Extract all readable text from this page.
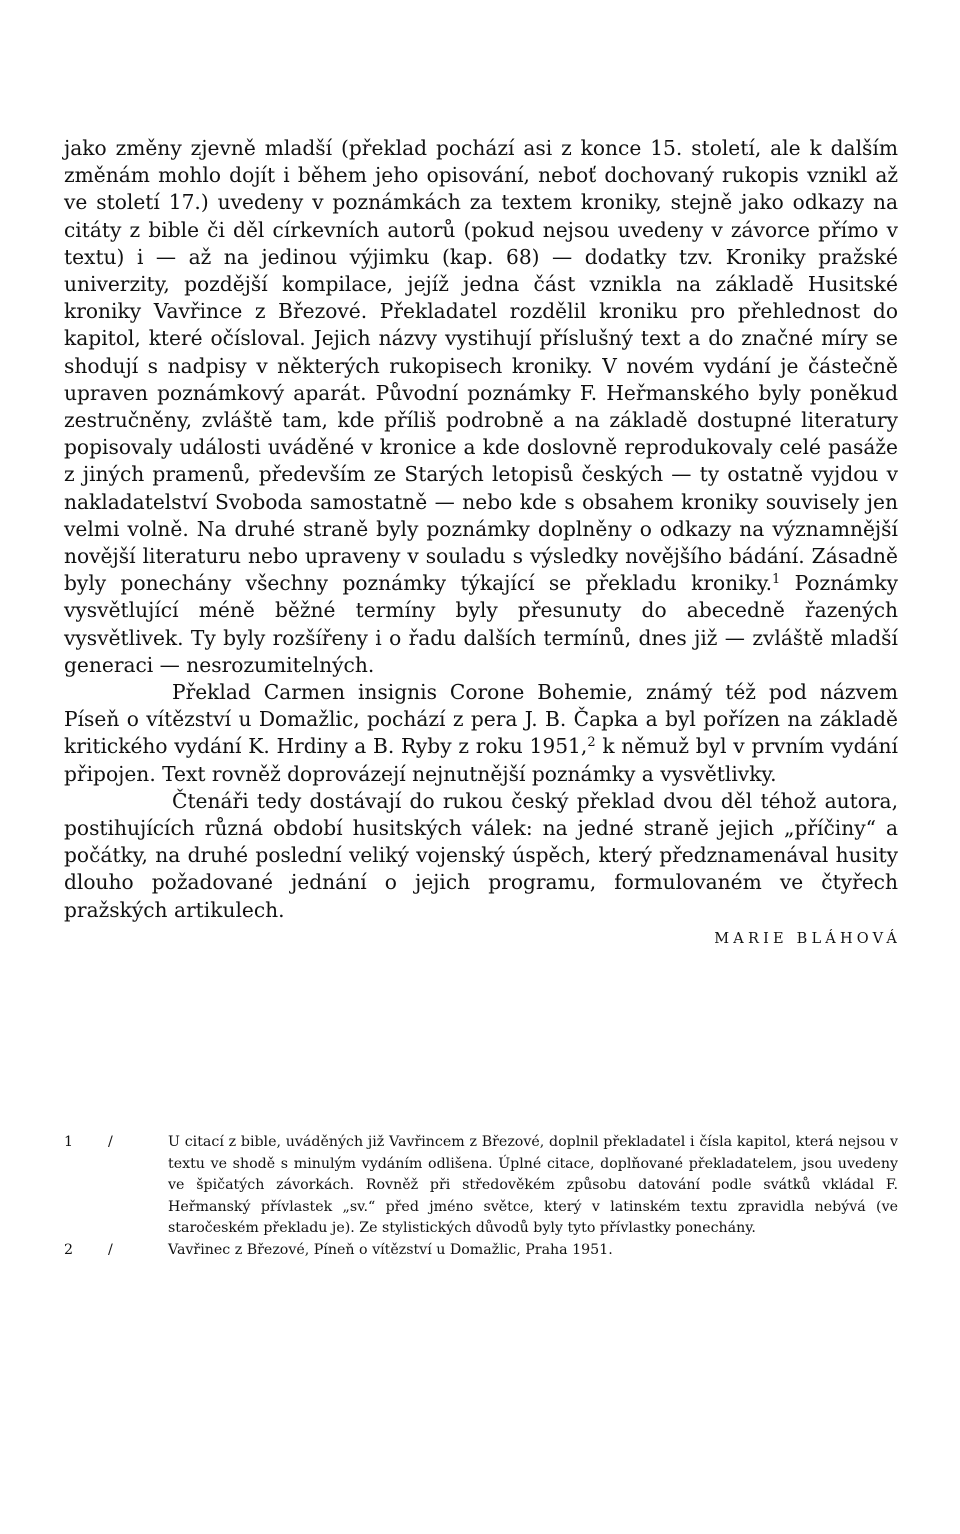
jako změny zjevně mladší (překlad pochází asi z konce 15. století, ale k dalším změnám mohlo dojít i během jeho opisování, neboť dochovaný rukopis vznikl až ve století 17.) uvedeny v poznámkách za textem kroniky, stejně jako odkazy na citáty z bible či děl církevních autorů (pokud nejsou uvedeny v závorce přímo v textu) i — až na jedinou výjimku (kap. 68) — dodatky tzv. Kroniky pražské univerzity, pozdější kompilace, jejíž jedna část vznikla na základě Husitské kroniky Vavřince z Březové. Překladatel rozdělil kroniku pro přehlednost do kapitol, které očísloval. Jejich názvy vystihují příslušný text a do značné míry se shodují s nadpisy v některých rukopisech kroniky. V novém vydání je částečně upraven poznámkový aparát. Původní poznámky F. Heřmanského byly poněkud zestručněny, zvláště tam, kde příliš podrobně a na základě dostupné literatury popisovaly události uváděné v kronice a kde doslovně reprodukovaly celé pasáže z jiných pramenů, především ze Starých letopisů českých — ty ostatně vyjdou v nakladatelství Svoboda samostatně — nebo kde s obsahem kroniky souvisely jen velmi volně. Na druhé straně byly poznámky doplněny o odkazy na významnější novější literaturu nebo upraveny v souladu s výsledky novějšího bádání. Zásadně byly ponechány všechny poznámky týkající se překladu kroniky.$^1$ Poznámky vysvětlující méně běžné termíny byly přesunuty do abecedně řazených vysvětlivek. Ty byly rozšířeny i o řadu dalších termínů, dnes již — zvláště mladší generaci — nesrozumitelných.

Překlad Carmen insignis Corone Bohemie, známý též pod názvem Píseň o vítězství u Domažlic, pochází z pera J. B. Čapka a byl pořízen na základě kritického vydání K. Hrdiny a B. Ryby z roku 1951,$^2$ k němuž byl v prvním vydání připojen. Text rovněž doprovázejí nejnutnější poznámky a vysvětlivky.

Čtenáři tedy dostávají do rukou český překlad dvou děl téhož autora, postihujících různá období husitských válek: na jedné straně jejich „příčiny“ a počátky, na druhé poslední veliký vojenský úspěch, který předznamenával husity dlouho požadované jednání o jejich programu, formulovaném ve čtyřech pražských artikulech.

MARIE BLÁHOVÁ
1	/	U citací z bible, uváděných již Vavřincem z Březové, doplnil překladatel i čísla kapitol, která nejsou v textu ve shodě s minulým vydáním odlišena. Úplné citace, doplňované překladatelem, jsou uvedeny ve špičatých závorkách. Rovněž při středověkém způsobu datování podle svátků vkládal F. Heřmanský přívlastek „sv.“ před jméno světce, který v latinském textu zpravidla nebývá (ve staročeském překladu je). Ze stylistických důvodů byly tyto přívlastky ponechány.
2	/	Vavřinec z Březové, Píneň o vítězství u Domažlic, Praha 1951.
